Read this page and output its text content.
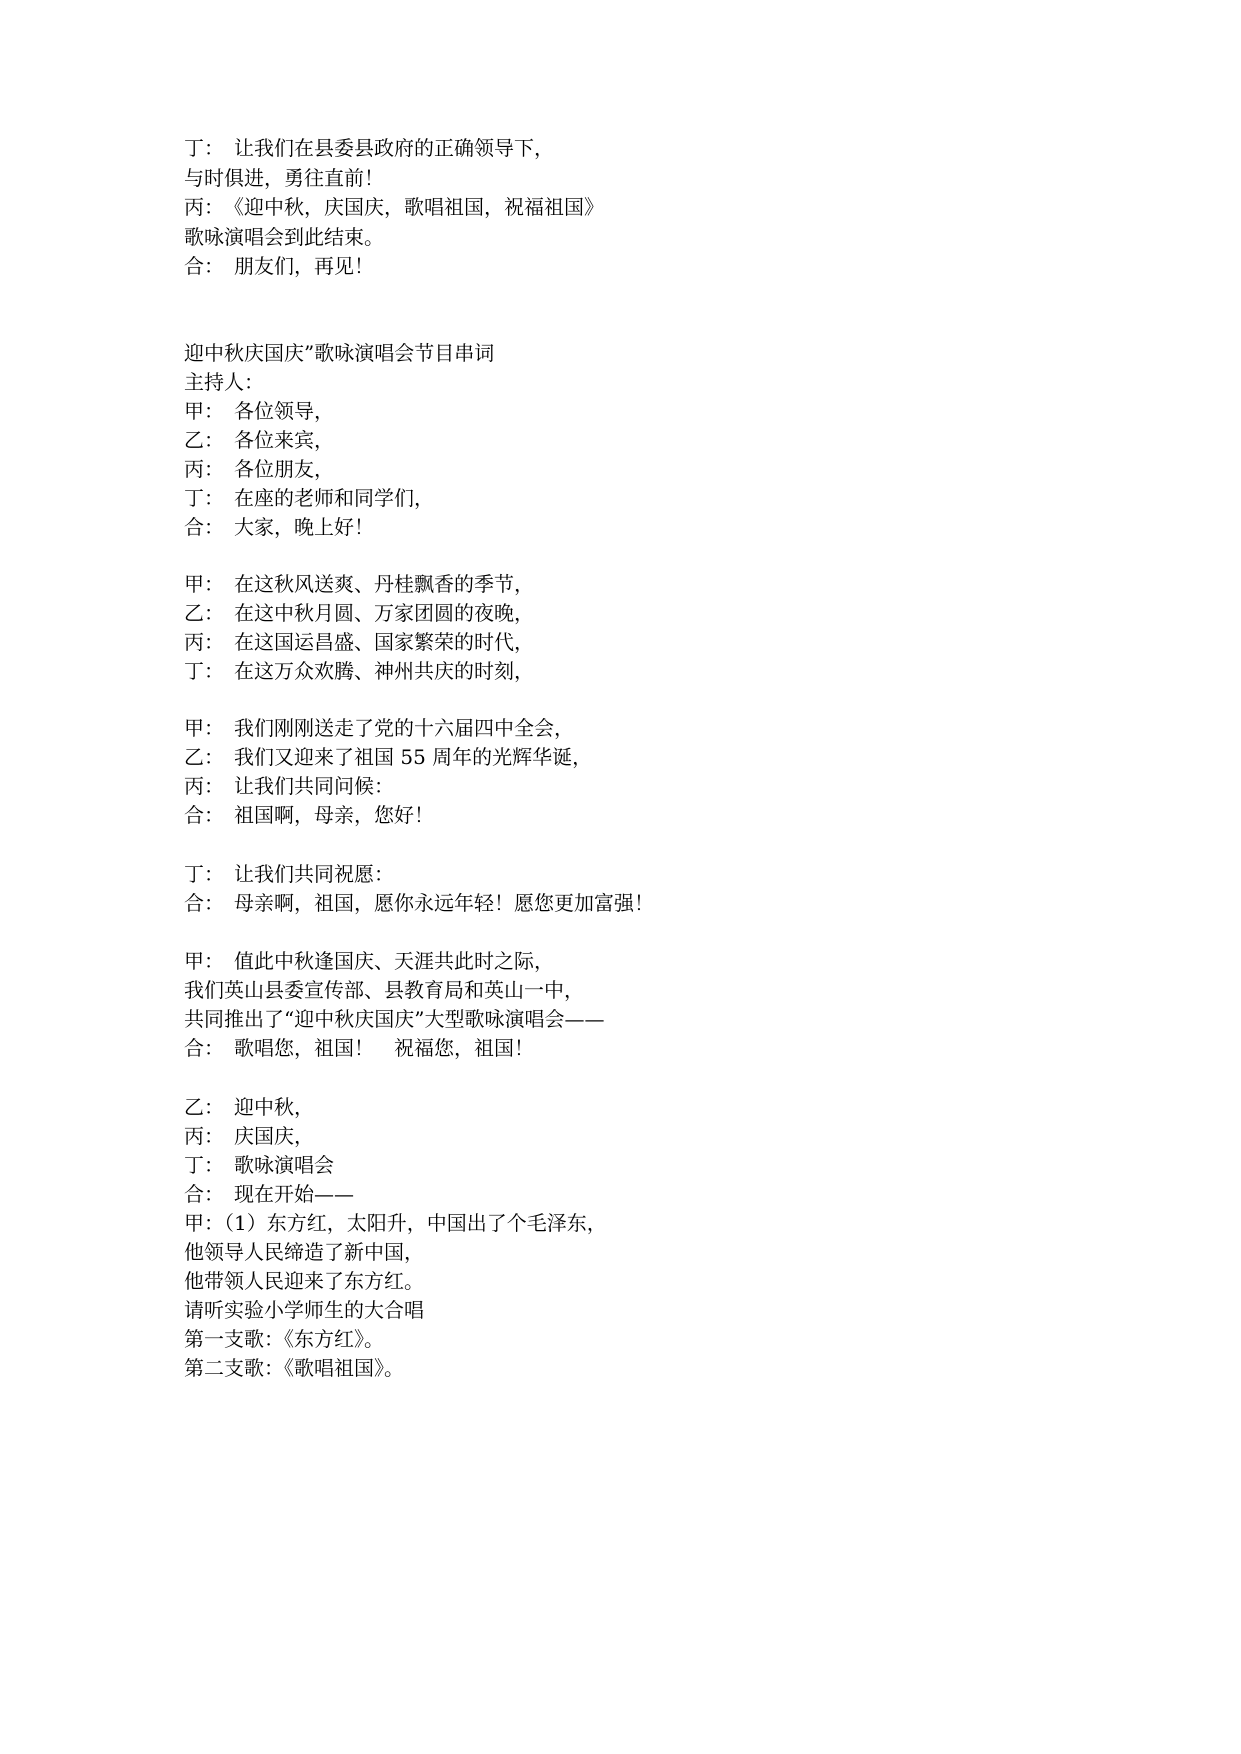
丁：　让我们在县委县政府的正确领导下，
与时俱进，勇往直前！
丙：　《迎中秋，庆国庆，歌唱祖国，祝福祖国》
歌咏演唱会到此结束。
合：　朋友们，再见！
迎中秋庆国庆”歌咏演唱会节目串词
主持人：
甲：　各位领导，
乙：　各位来宾，
丙：　各位朋友，
丁：　在座的老师和同学们，
合：　大家，晚上好！
甲：　在这秋风送爽、丹桂飘香的季节，
乙：　在这中秋月圆、万家团圆的夜晚，
丙：　在这国运昌盛、国家繁荣的时代，
丁：　在这万众欢腾、神州共庆的时刻，
甲：　我们刚刚送走了党的十六届四中全会，
乙：　我们又迎来了祖国 55 周年的光辉华诞，
丙：　让我们共同问候：
合：　祖国啊，母亲，您好！
丁：　让我们共同祝愿：
合：　母亲啊，祖国，愿你永远年轻！愿您更加富强！
甲：　值此中秋逢国庆、天涯共此时之际，
我们英山县委宣传部、县教育局和英山一中，
共同推出了“迎中秋庆国庆”大型歌咏演唱会——
合：　歌唱您，祖国！　祝福您，祖国！
乙：　迎中秋，
丙：　庆国庆，
丁：　歌咏演唱会
合：　现在开始——
甲：（1）东方红，太阳升，中国出了个毛泽东，
他领导人民缔造了新中国，
他带领人民迎来了东方红。
请听实验小学师生的大合唱
第一支歌：《东方红》。
第二支歌：《歌唱祖国》。
